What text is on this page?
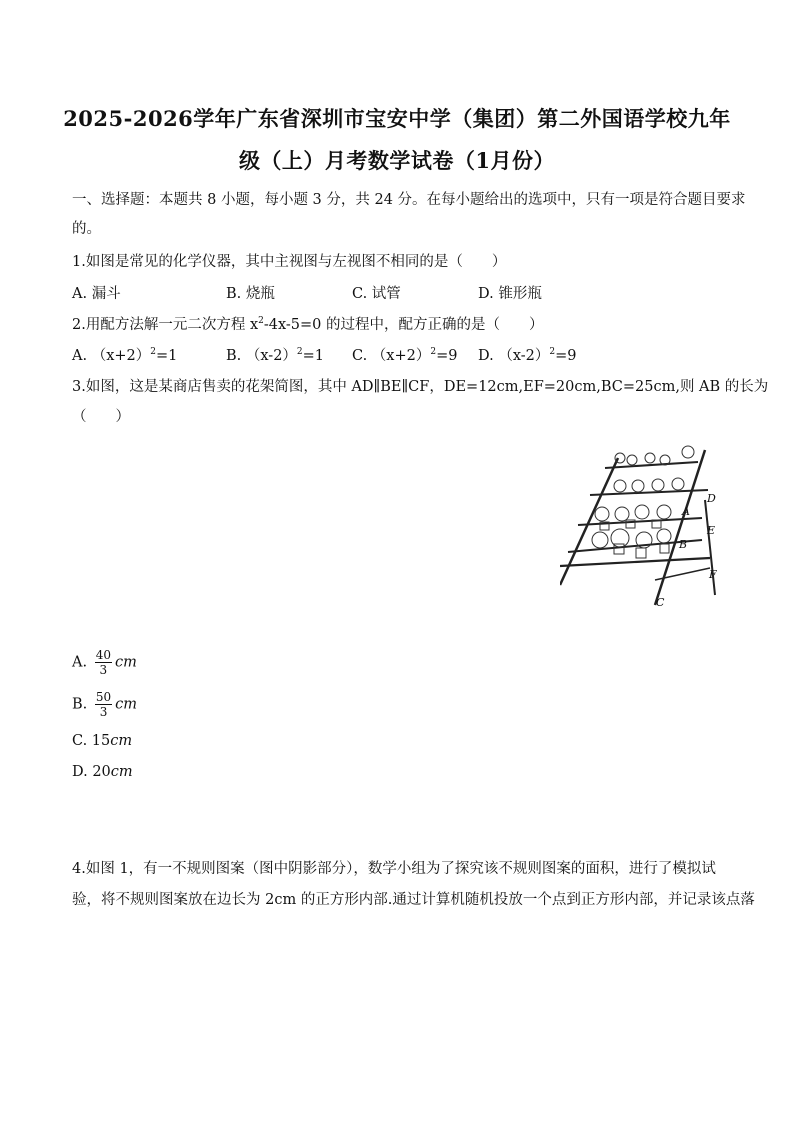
2025-2026学年广东省深圳市宝安中学（集团）第二外国语学校九年
级（上）月考数学试卷（1月份）
一、选择题：本题共 8 小题，每小题 3 分，共 24 分。在每小题给出的选项中，只有一项是符合题目要求
的。
1.如图是常见的化学仪器，其中主视图与左视图不相同的是（　　）
A. 漏斗	B. 烧瓶	C. 试管	D. 锥形瓶
2.用配方法解一元二次方程 $x^2-4x-5=0$ 的过程中，配方正确的是（　　）
A. $(x+2)^2=1$	B. $(x-2)^2=1$ C. $(x+2)^2=9$ D. $(x-2)^2=9$
3.如图，这是某商店售卖的花架简图，其中 AD∥BE∥CF，DE=12cm,EF=20cm,BC=25cm,则 AB 的长为
（　　）
D
A
E
B
F
C
A. $\frac{40}{3}$ cm
B. $\frac{50}{3}$ cm
C. 15cm
D. 20cm
4.如图 1，有一不规则图案（图中阴影部分），数学小组为了探究该不规则图案的面积，进行了模拟试
验，将不规则图案放在边长为 2cm 的正方形内部.通过计算机随机投放一个点到正方形内部，并记录该点落
